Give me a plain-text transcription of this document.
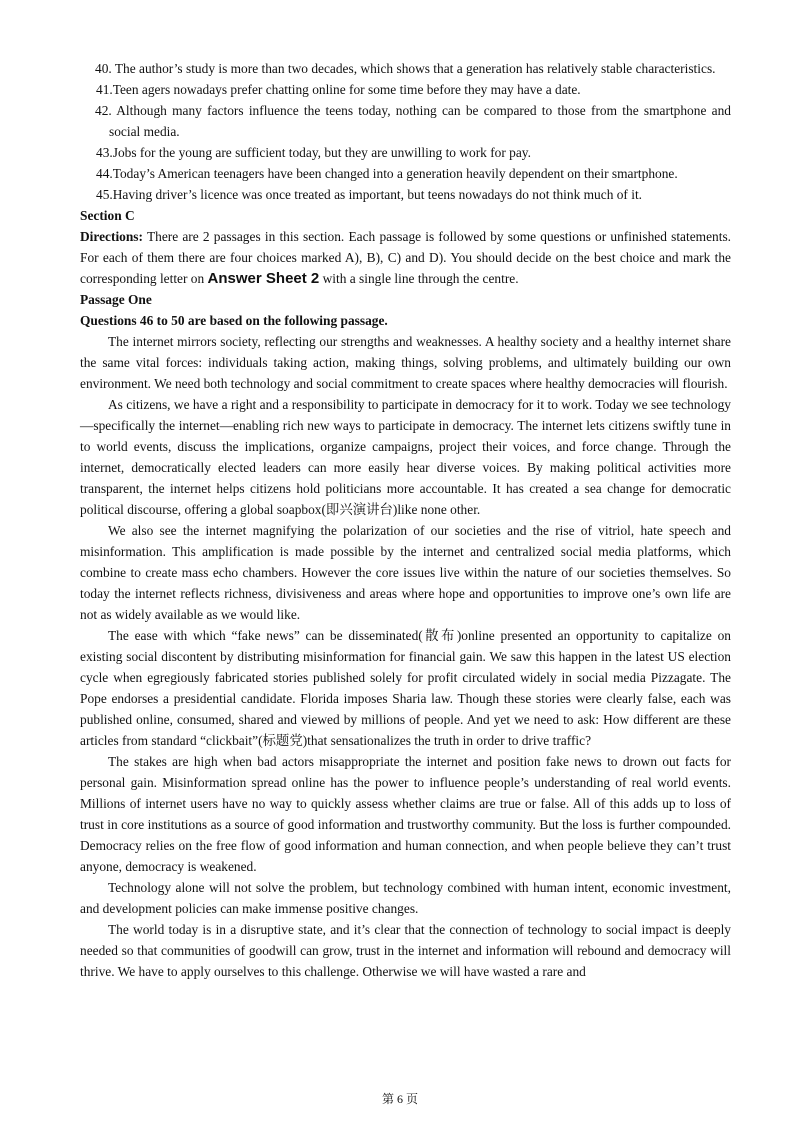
40. The author’s study is more than two decades, which shows that a generation has relatively stable characteristics.
41.Teen agers nowadays prefer chatting online for some time before they may have a date.
42. Although many factors influence the teens today, nothing can be compared to those from the smartphone and social media.
43.Jobs for the young are sufficient today, but they are unwilling to work for pay.
44.Today’s American teenagers have been changed into a generation heavily dependent on their smartphone.
45.Having driver’s licence was once treated as important, but teens nowadays do not think much of it.
Section C

Directions: There are 2 passages in this section. Each passage is followed by some questions or unfinished statements. For each of them there are four choices marked A), B), C) and D). You should decide on the best choice and mark the corresponding letter on Answer Sheet 2 with a single line through the centre.

Passage One
Questions 46 to 50 are based on the following passage.

The internet mirrors society, reflecting our strengths and weaknesses. A healthy society and a healthy internet share the same vital forces: individuals taking action, making things, solving problems, and ultimately building our own environment. We need both technology and social commitment to create spaces where healthy democracies will flourish.

As citizens, we have a right and a responsibility to participate in democracy for it to work. Today we see technology—specifically the internet—enabling rich new ways to participate in democracy. The internet lets citizens swiftly tune in to world events, discuss the implications, organize campaigns, project their voices, and force change. Through the internet, democratically elected leaders can more easily hear diverse voices. By making political activities more transparent, the internet helps citizens hold politicians more accountable. It has created a sea change for democratic political discourse, offering a global soapbox(即兴演讲台)like none other.

We also see the internet magnifying the polarization of our societies and the rise of vitriol, hate speech and misinformation. This amplification is made possible by the internet and centralized social media platforms, which combine to create mass echo chambers. However the core issues live within the nature of our societies themselves. So today the internet reflects richness, divisiveness and areas where hope and opportunities to improve one’s own life are not as widely available as we would like.

The ease with which “fake news” can be disseminated(散布)online presented an opportunity to capitalize on existing social discontent by distributing misinformation for financial gain. We saw this happen in the latest US election cycle when egregiously fabricated stories published solely for profit circulated widely in social media Pizzagate. The Pope endorses a presidential candidate. Florida imposes Sharia law. Though these stories were clearly false, each was published online, consumed, shared and viewed by millions of people. And yet we need to ask: How different are these articles from standard “clickbait”(标题党)that sensationalizes the truth in order to drive traffic?

The stakes are high when bad actors misappropriate the internet and position fake news to drown out facts for personal gain. Misinformation spread online has the power to influence people’s understanding of real world events. Millions of internet users have no way to quickly assess whether claims are true or false. All of this adds up to loss of trust in core institutions as a source of good information and trustworthy community. But the loss is further compounded. Democracy relies on the free flow of good information and human connection, and when people believe they can’t trust anyone, democracy is weakened.

Technology alone will not solve the problem, but technology combined with human intent, economic investment, and development policies can make immense positive changes.

The world today is in a disruptive state, and it’s clear that the connection of technology to social impact is deeply needed so that communities of goodwill can grow, trust in the internet and information will rebound and democracy will thrive. We have to apply ourselves to this challenge. Otherwise we will have wasted a rare and

第 6 页
